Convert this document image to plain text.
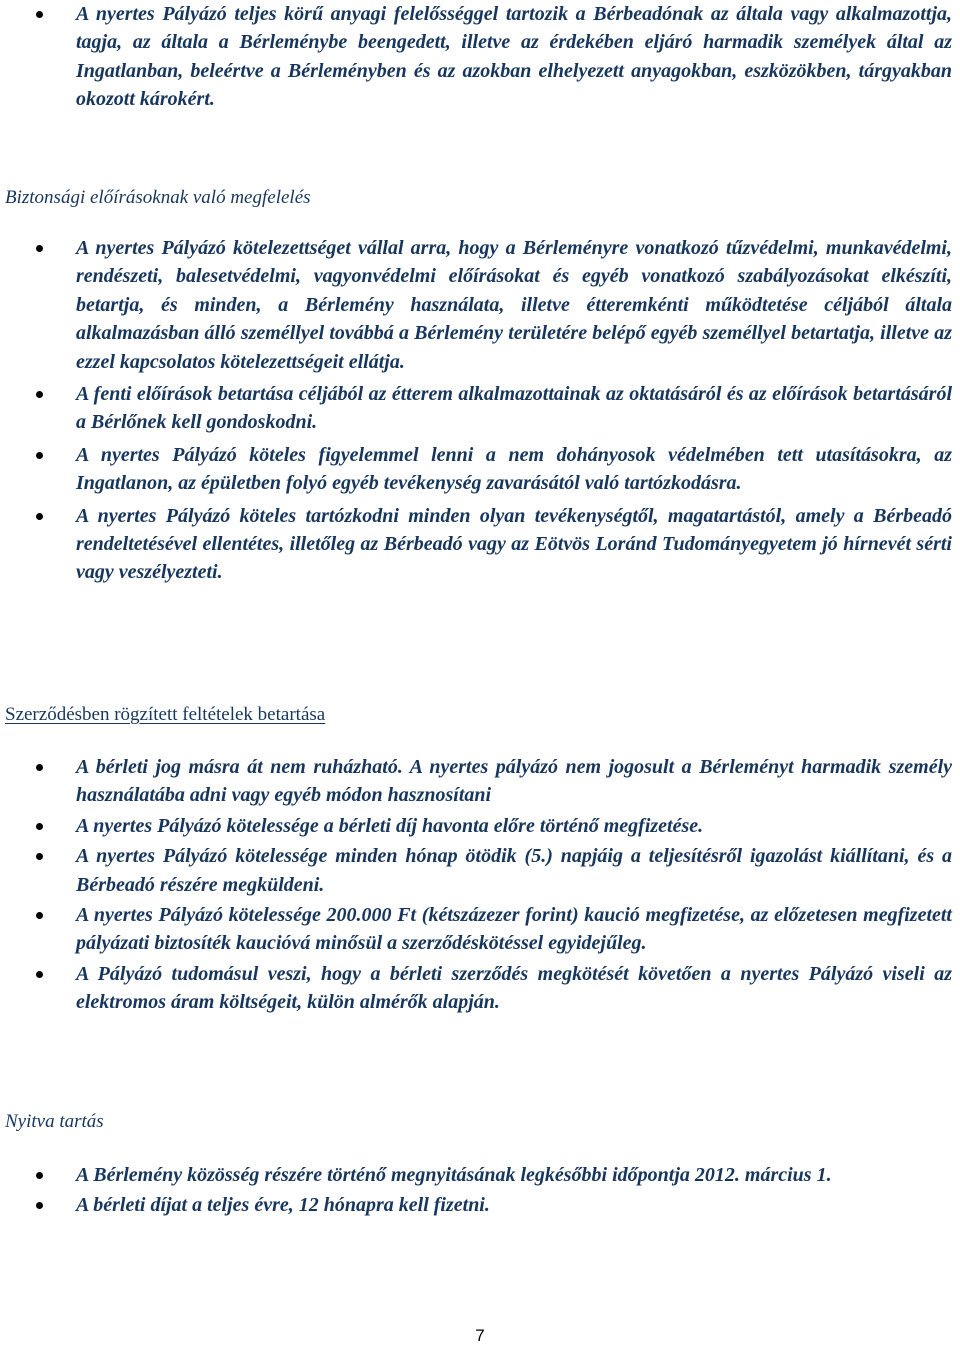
A nyertes Pályázó teljes körű anyagi felelősséggel tartozik a Bérbeadónak az általa vagy alkalmazottja, tagja, az általa a Bérleménybe beengedett, illetve az érdekében eljáró harmadik személyek által az Ingatlanban, beleértve a Bérleményben és az azokban elhelyezett anyagokban, eszközökben, tárgyakban okozott károkért.
Biztonsági előírásoknak való megfelelés
A nyertes Pályázó kötelezettséget vállal arra, hogy a Bérleményre vonatkozó tűzvédelmi, munkavédelmi, rendészeti, balesetvédelmi, vagyonvédelmi előírásokat és egyéb vonatkozó szabályozásokat elkészíti, betartja, és minden, a Bérlemény használata, illetve étteremkénti működtetése céljából általa alkalmazásban álló személlyel továbbá a Bérlemény területére belépő egyéb személlyel betartatja, illetve az ezzel kapcsolatos kötelezettségeit ellátja.
A fenti előírások betartása céljából az étterem alkalmazottainak az oktatásáról és az előírások betartásáról a Bérlőnek kell gondoskodni.
A nyertes Pályázó köteles figyelemmel lenni a nem dohányosok védelmében tett utasításokra, az Ingatlanon, az épületben folyó egyéb tevékenység zavarásától való tartózkodásra.
A nyertes Pályázó köteles tartózkodni minden olyan tevékenységtől, magatartástól, amely a Bérbeadó rendeltetésével ellentétes, illetőleg az Bérbeadó vagy az Eötvös Loránd Tudományegyetem jó hírnevét sérti vagy veszélyezteti.
Szerződésben rögzített feltételek betartása
A bérleti jog másra át nem ruházható. A nyertes pályázó nem jogosult a Bérleményt harmadik személy használatába adni vagy egyéb módon hasznosítani
A nyertes Pályázó kötelessége a bérleti díj havonta előre történő megfizetése.
A nyertes Pályázó kötelessége minden hónap ötödik (5.) napjáig a teljesítésről igazolást kiállítani, és a Bérbeadó részére megküldeni.
A nyertes Pályázó kötelessége 200.000 Ft (kétszázezer forint) kaució megfizetése, az előzetesen megfizetett pályázati biztosíték kaucióvá minősül a szerződéskötéssel egyidejűleg.
A Pályázó tudomásul veszi, hogy a bérleti szerződés megkötését követően a nyertes Pályázó viseli az elektromos áram költségeit, külön almérők alapján.
Nyitva tartás
A Bérlemény közösség részére történő megnyitásának legkésőbbi időpontja 2012. március 1.
A bérleti díjat a teljes évre, 12 hónapra kell fizetni.
7
